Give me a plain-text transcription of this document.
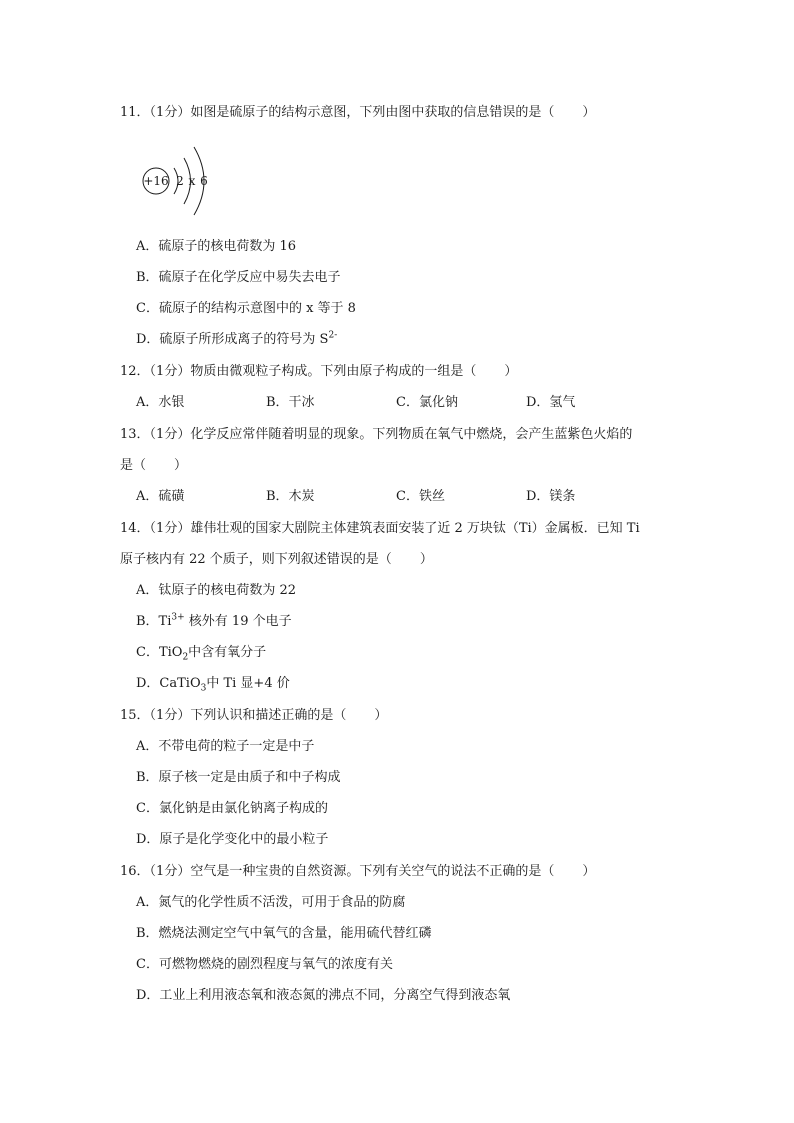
11．（1分）如图是硫原子的结构示意图，下列由图中获取的信息错误的是（ ）
+16 2 x 6
A．硫原子的核电荷数为 16
B．硫原子在化学反应中易失去电子
C．硫原子的结构示意图中的 x 等于 8
D．硫原子所形成离子的符号为 $S^{2-}$
12．（1分）物质由微观粒子构成。下列由原子构成的一组是（ ）
A．水银	B．干冰	C．氯化钠	D．氢气
13．（1分）化学反应常伴随着明显的现象。下列物质在氧气中燃烧，会产生蓝紫色火焰的
是（ ）
A．硫磺	B．木炭	C．铁丝	D．镁条
14．（1分）雄伟壮观的国家大剧院主体建筑表面安装了近 2 万块钛（Ti）金属板．已知 Ti
原子核内有 22 个质子，则下列叙述错误的是（ ）
A．钛原子的核电荷数为 22
B．$Ti^{3+}$ 核外有 19 个电子
C．TiO$_2$中含有氧分子
D．CaTiO$_3$中 Ti 显+4 价
15．（1分）下列认识和描述正确的是（ ）
A．不带电荷的粒子一定是中子
B．原子核一定是由质子和中子构成
C．氯化钠是由氯化钠离子构成的
D．原子是化学变化中的最小粒子
16．（1分）空气是一种宝贵的自然资源。下列有关空气的说法不正确的是（ ）
A．氮气的化学性质不活泼，可用于食品的防腐
B．燃烧法测定空气中氧气的含量，能用硫代替红磷
C．可燃物燃烧的剧烈程度与氧气的浓度有关
D．工业上利用液态氧和液态氮的沸点不同，分离空气得到液态氧
